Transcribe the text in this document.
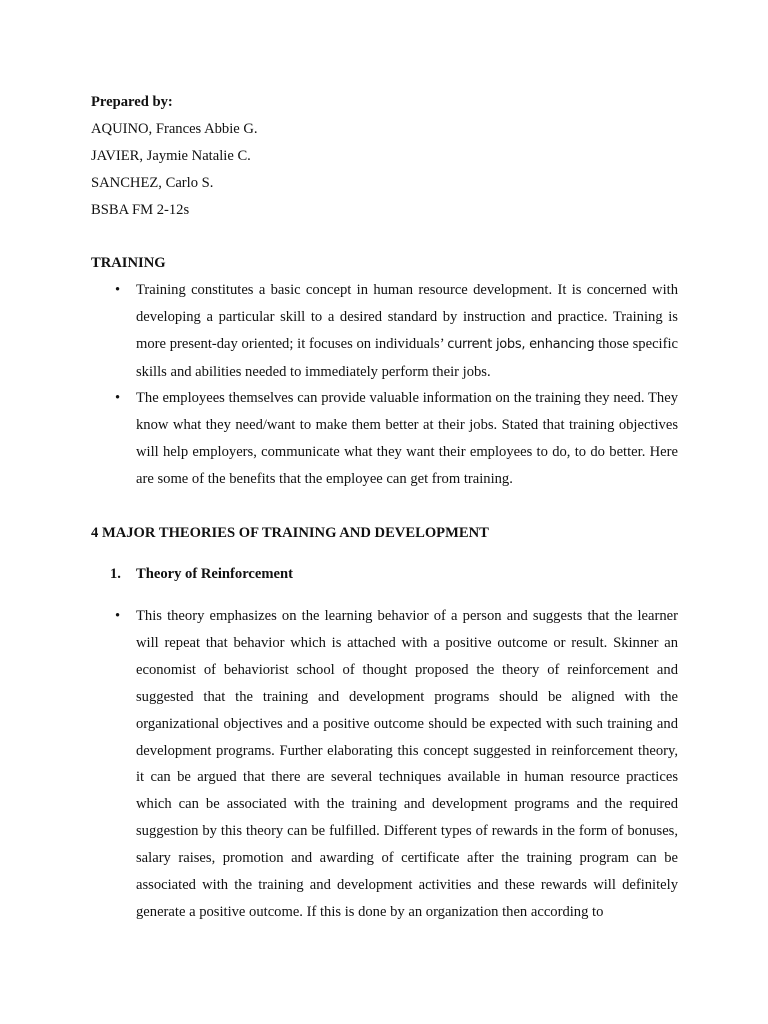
Prepared by:
AQUINO, Frances Abbie G.
JAVIER, Jaymie Natalie C.
SANCHEZ, Carlo S.
BSBA FM 2-12s
TRAINING
• Training constitutes a basic concept in human resource development. It is concerned with developing a particular skill to a desired standard by instruction and practice. Training is more present-day oriented; it focuses on individuals’ current jobs, enhancing those specific skills and abilities needed to immediately perform their jobs.
• The employees themselves can provide valuable information on the training they need. They know what they need/want to make them better at their jobs. Stated that training objectives will help employers, communicate what they want their employees to do, to do better. Here are some of the benefits that the employee can get from training.
4 MAJOR THEORIES OF TRAINING AND DEVELOPMENT
1. Theory of Reinforcement
• This theory emphasizes on the learning behavior of a person and suggests that the learner will repeat that behavior which is attached with a positive outcome or result. Skinner an economist of behaviorist school of thought proposed the theory of reinforcement and suggested that the training and development programs should be aligned with the organizational objectives and a positive outcome should be expected with such training and development programs. Further elaborating this concept suggested in reinforcement theory, it can be argued that there are several techniques available in human resource practices which can be associated with the training and development programs and the required suggestion by this theory can be fulfilled. Different types of rewards in the form of bonuses, salary raises, promotion and awarding of certificate after the training program can be associated with the training and development activities and these rewards will definitely generate a positive outcome. If this is done by an organization then according to
